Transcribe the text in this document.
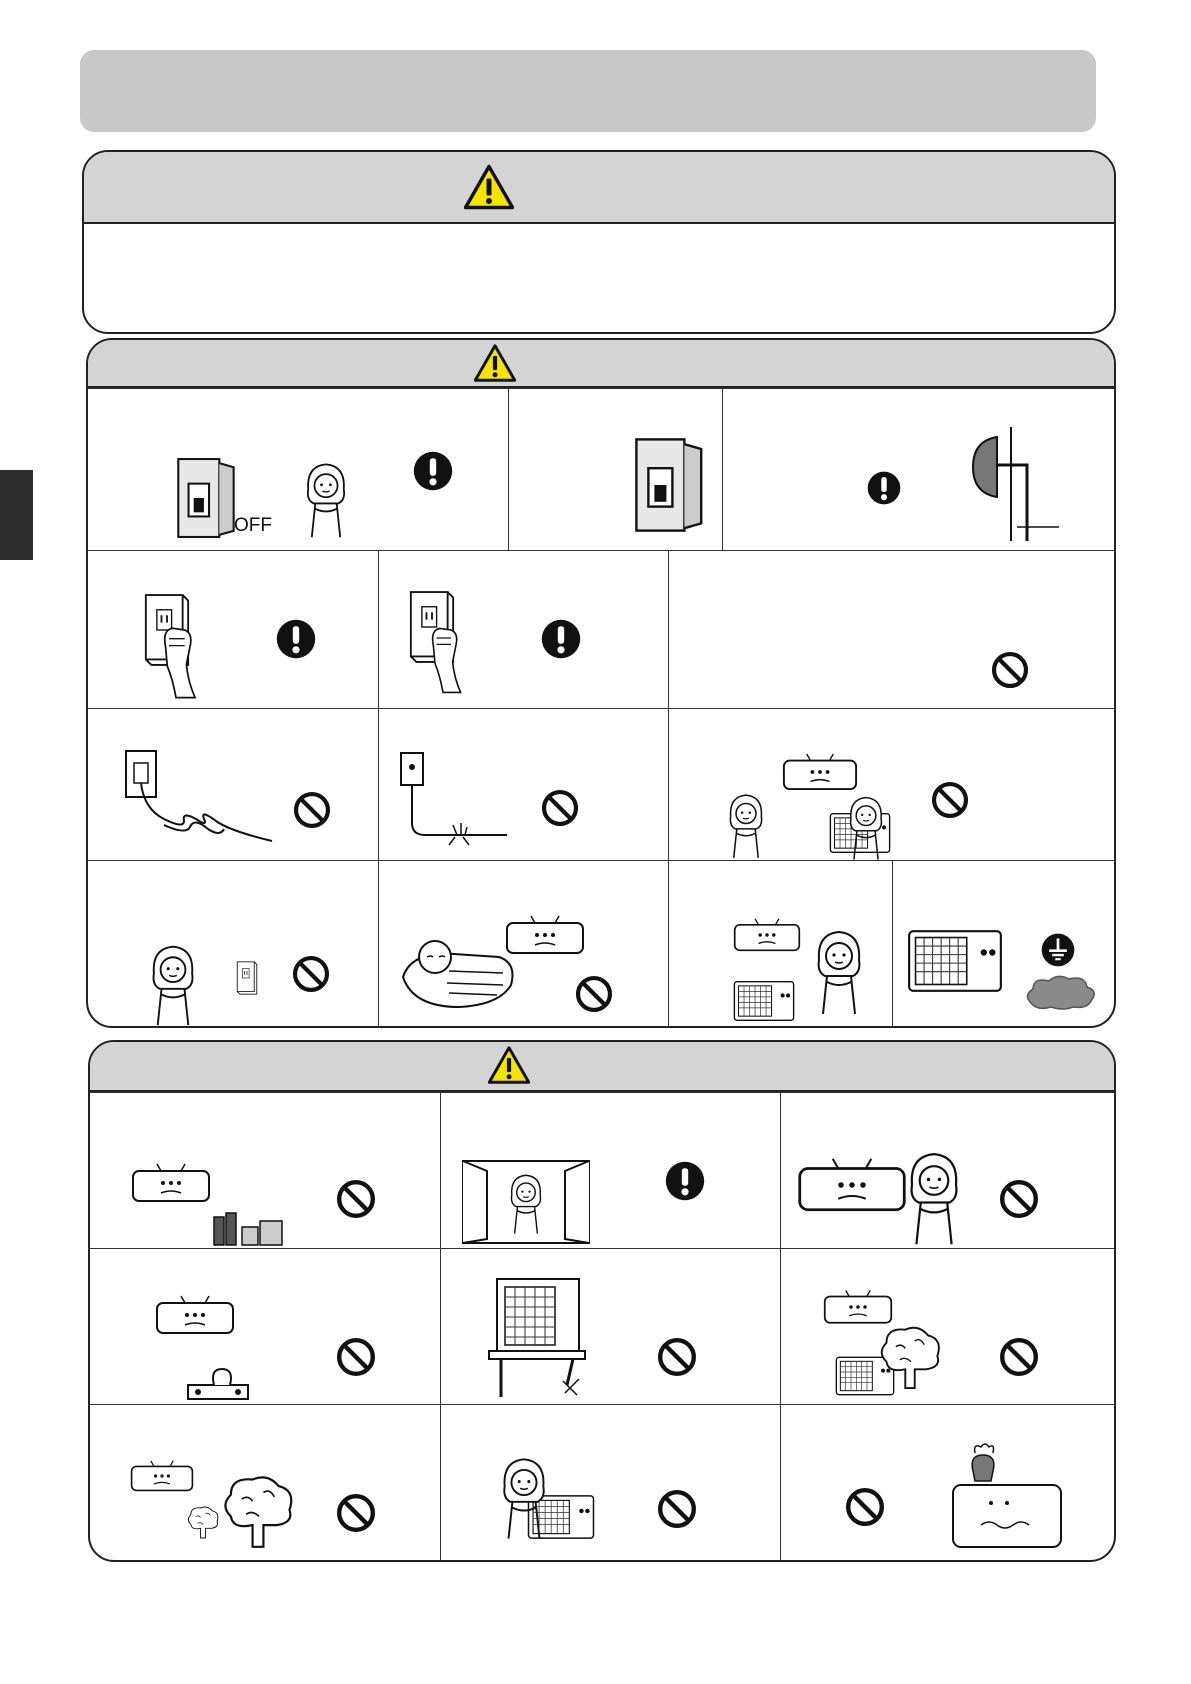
OFF
